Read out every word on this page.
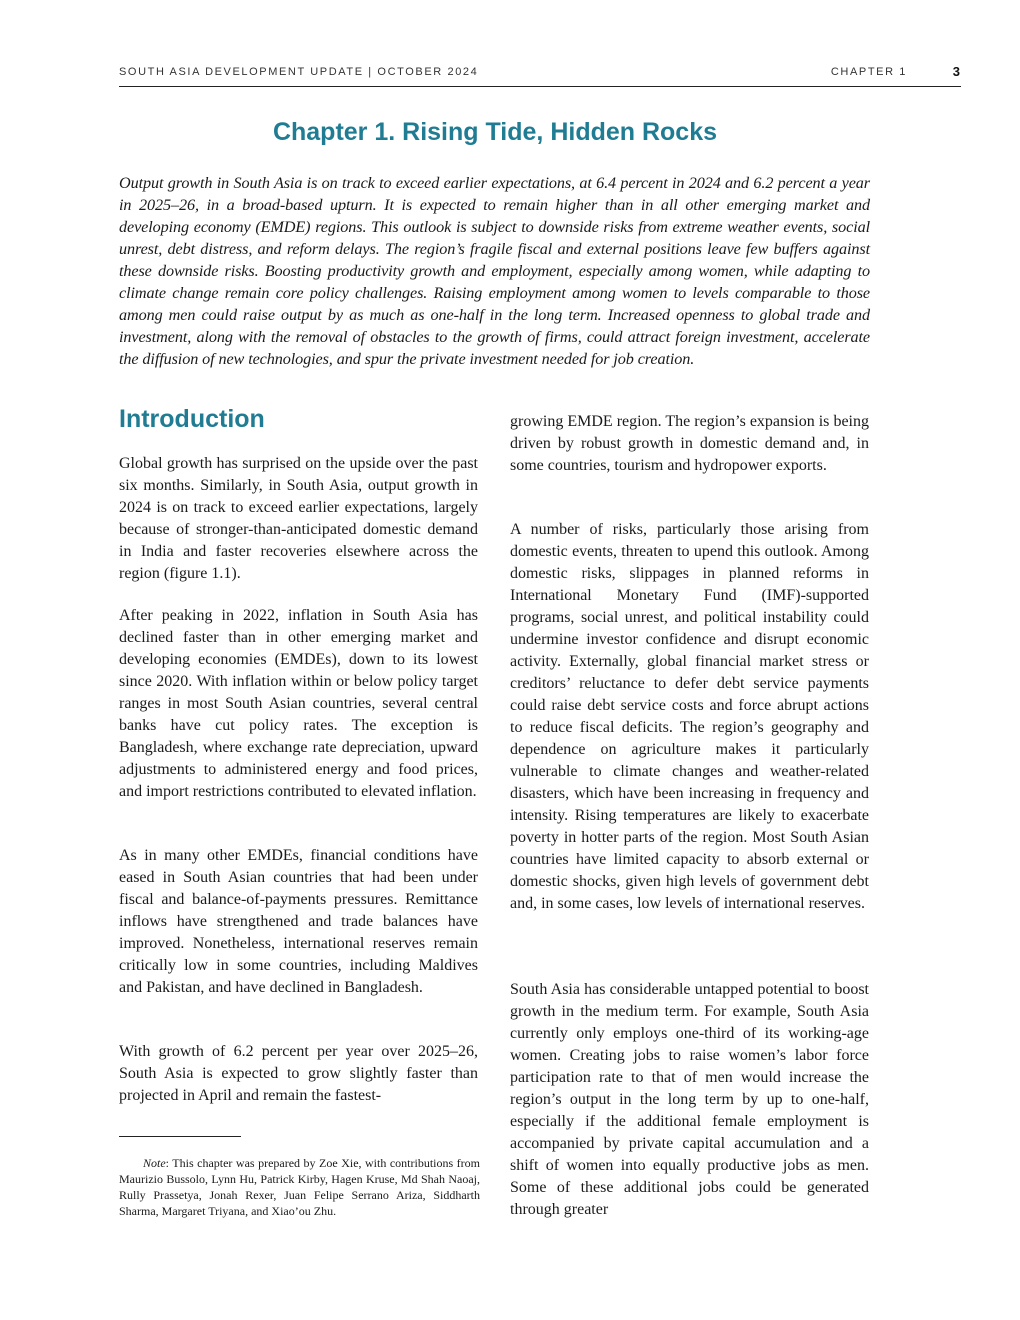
SOUTH ASIA DEVELOPMENT UPDATE | OCTOBER 2024	CHAPTER 1	3
Chapter 1. Rising Tide, Hidden Rocks

Output growth in South Asia is on track to exceed earlier expectations, at 6.4 percent in 2024 and 6.2 percent a year in 2025–26, in a broad-based upturn. It is expected to remain higher than in all other emerging market and developing economy (EMDE) regions. This outlook is subject to downside risks from extreme weather events, social unrest, debt distress, and reform delays. The region’s fragile fiscal and external positions leave few buffers against these downside risks. Boosting productivity growth and employment, especially among women, while adapting to climate change remain core policy challenges. Raising employment among women to levels comparable to those among men could raise output by as much as one-half in the long term. Increased openness to global trade and investment, along with the removal of obstacles to the growth of firms, could attract foreign investment, accelerate the diffusion of new technologies, and spur the private investment needed for job creation.

Introduction

Global growth has surprised on the upside over the past six months. Similarly, in South Asia, output growth in 2024 is on track to exceed earlier expectations, largely because of stronger-than-anticipated domestic demand in India and faster recoveries elsewhere across the region (figure 1.1).

After peaking in 2022, inflation in South Asia has declined faster than in other emerging market and developing economies (EMDEs), down to its lowest since 2020. With inflation within or below policy target ranges in most South Asian countries, several central banks have cut policy rates. The exception is Bangladesh, where exchange rate depreciation, upward adjustments to administered energy and food prices, and import restrictions contributed to elevated inflation.

As in many other EMDEs, financial conditions have eased in South Asian countries that had been under fiscal and balance-of-payments pressures. Remittance inflows have strengthened and trade balances have improved. Nonetheless, international reserves remain critically low in some countries, including Maldives and Pakistan, and have declined in Bangladesh.

With growth of 6.2 percent per year over 2025–26, South Asia is expected to grow slightly faster than projected in April and remain the fastest-

growing EMDE region. The region’s expansion is being driven by robust growth in domestic demand and, in some countries, tourism and hydropower exports.

A number of risks, particularly those arising from domestic events, threaten to upend this outlook. Among domestic risks, slippages in planned reforms in International Monetary Fund (IMF)-supported programs, social unrest, and political instability could undermine investor confidence and disrupt economic activity. Externally, global financial market stress or creditors’ reluctance to defer debt service payments could raise debt service costs and force abrupt actions to reduce fiscal deficits. The region’s geography and dependence on agriculture makes it particularly vulnerable to climate changes and weather-related disasters, which have been increasing in frequency and intensity. Rising temperatures are likely to exacerbate poverty in hotter parts of the region. Most South Asian countries have limited capacity to absorb external or domestic shocks, given high levels of government debt and, in some cases, low levels of international reserves.

South Asia has considerable untapped potential to boost growth in the medium term. For example, South Asia currently only employs one-third of its working-age women. Creating jobs to raise women’s labor force participation rate to that of men would increase the region’s output in the long term by up to one-half, especially if the additional female employment is accompanied by private capital accumulation and a shift of women into equally productive jobs as men. Some of these additional jobs could be generated through greater

Note: This chapter was prepared by Zoe Xie, with contributions from Maurizio Bussolo, Lynn Hu, Patrick Kirby, Hagen Kruse, Md Shah Naoaj, Rully Prassetya, Jonah Rexer, Juan Felipe Serrano Ariza, Siddharth Sharma, Margaret Triyana, and Xiao’ou Zhu.
